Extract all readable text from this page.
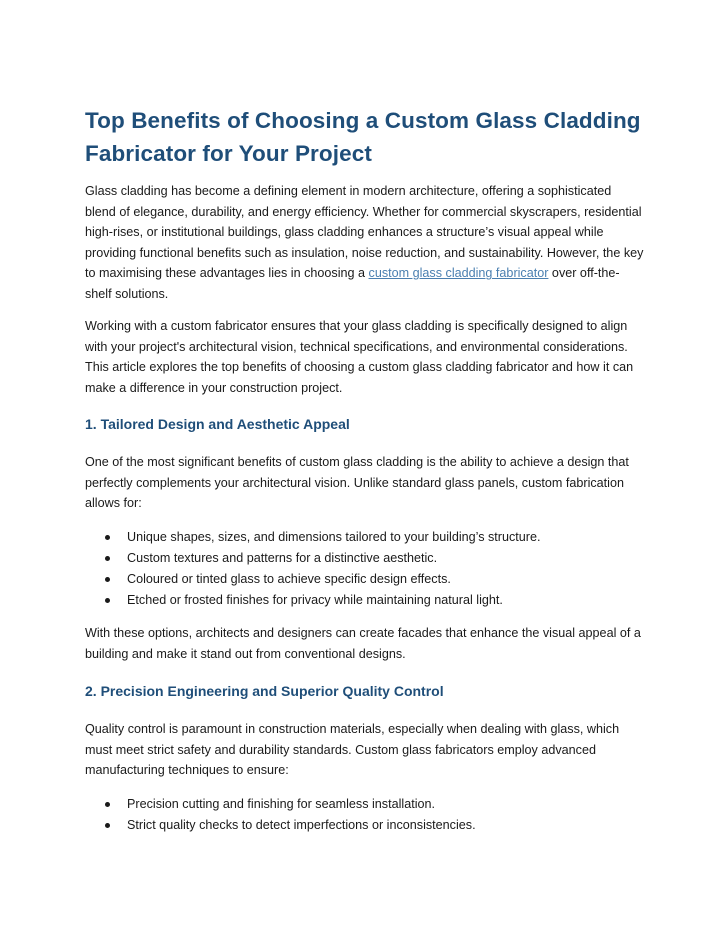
Top Benefits of Choosing a Custom Glass Cladding Fabricator for Your Project

Glass cladding has become a defining element in modern architecture, offering a sophisticated blend of elegance, durability, and energy efficiency. Whether for commercial skyscrapers, residential high-rises, or institutional buildings, glass cladding enhances a structure’s visual appeal while providing functional benefits such as insulation, noise reduction, and sustainability. However, the key to maximising these advantages lies in choosing a custom glass cladding fabricator over off-the-shelf solutions.

Working with a custom fabricator ensures that your glass cladding is specifically designed to align with your project's architectural vision, technical specifications, and environmental considerations. This article explores the top benefits of choosing a custom glass cladding fabricator and how it can make a difference in your construction project.

1. Tailored Design and Aesthetic Appeal

One of the most significant benefits of custom glass cladding is the ability to achieve a design that perfectly complements your architectural vision. Unlike standard glass panels, custom fabrication allows for:

Unique shapes, sizes, and dimensions tailored to your building’s structure.
Custom textures and patterns for a distinctive aesthetic.
Coloured or tinted glass to achieve specific design effects.
Etched or frosted finishes for privacy while maintaining natural light.

With these options, architects and designers can create facades that enhance the visual appeal of a building and make it stand out from conventional designs.

2. Precision Engineering and Superior Quality Control

Quality control is paramount in construction materials, especially when dealing with glass, which must meet strict safety and durability standards. Custom glass fabricators employ advanced manufacturing techniques to ensure:

Precision cutting and finishing for seamless installation.
Strict quality checks to detect imperfections or inconsistencies.
